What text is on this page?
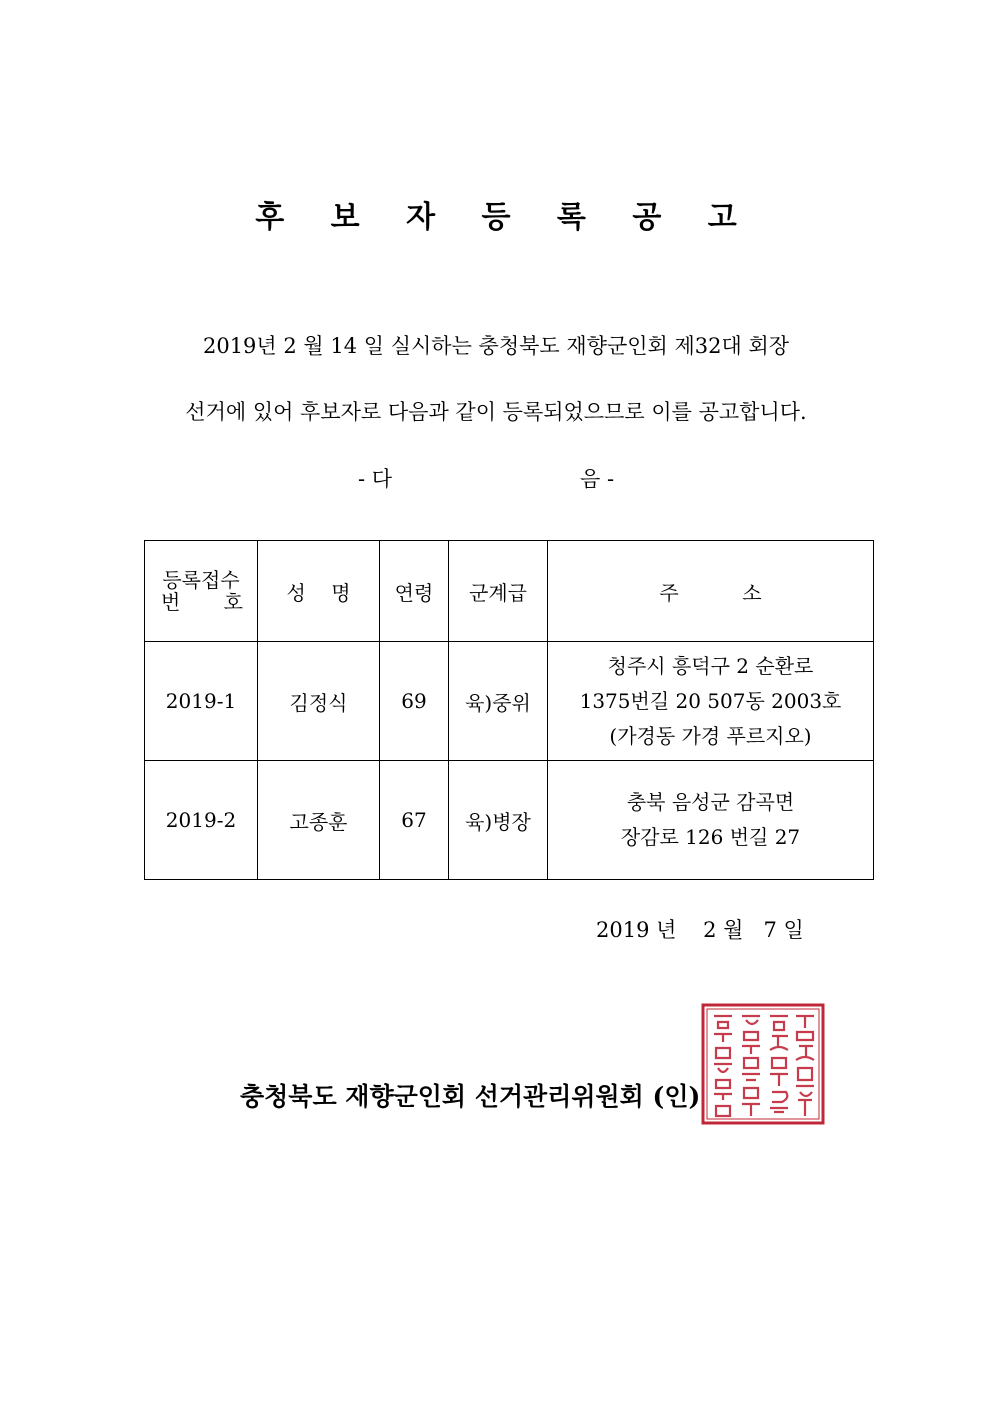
후 보 자 등 록 공 고
2019년 2 월 14 일 실시하는 충청북도 재향군인회 제32대 회장
선거에 있어 후보자로 다음과 같이 등록되었으므로 이를 공고합니다.
- 다	음 -
등록접수
번 호	성    명	연령	군계급	주          소
2019-1	김정식	69	육)중위	청주시 흥덕구 2 순환로
1375번길 20 507동 2003호
(가경동 가경 푸르지오)

2019-2	고종훈	67	육)병장	충북 음성군 감곡면
장감로 126 번길 27
2019 년    2 월   7 일
충청북도 재향군인회 선거관리위원회 (인)
